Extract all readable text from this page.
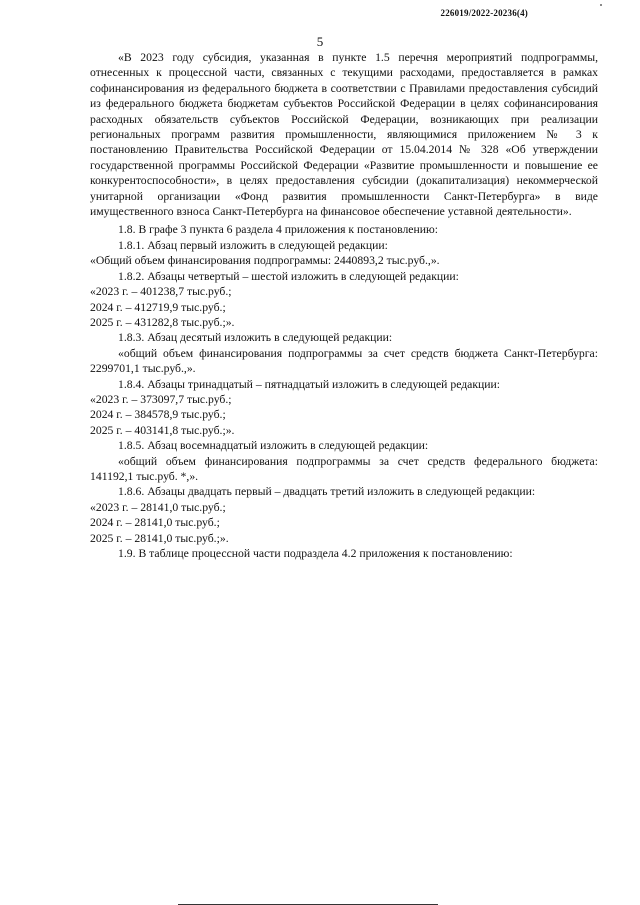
226019/2022-20236(4)
5

«В 2023 году субсидия, указанная в пункте 1.5 перечня мероприятий подпрограммы, отнесенных к процессной части, связанных с текущими расходами, предоставляется в рамках софинансирования из федерального бюджета в соответствии с Правилами предоставления субсидий из федерального бюджета бюджетам субъектов Российской Федерации в целях софинансирования расходных обязательств субъектов Российской Федерации, возникающих при реализации региональных программ развития промышленности, являющимися приложением № 3 к постановлению Правительства Российской Федерации от 15.04.2014 № 328 «Об утверждении государственной программы Российской Федерации «Развитие промышленности и повышение ее конкурентоспособности», в целях предоставления субсидии (докапитализация) некоммерческой унитарной организации «Фонд развития промышленности Санкт-Петербурга» в виде имущественного взноса Санкт-Петербурга на финансовое обеспечение уставной деятельности».

1.8. В графе 3 пункта 6 раздела 4 приложения к постановлению:

1.8.1. Абзац первый изложить в следующей редакции:

«Общий объем финансирования подпрограммы: 2440893,2 тыс.руб.,».

1.8.2. Абзацы четвертый – шестой изложить в следующей редакции:

«2023 г. – 401238,7 тыс.руб.;

2024 г. – 412719,9 тыс.руб.;

2025 г. – 431282,8 тыс.руб.;».

1.8.3. Абзац десятый изложить в следующей редакции:

«общий объем финансирования подпрограммы за счет средств бюджета Санкт-Петербурга: 2299701,1 тыс.руб.,».

1.8.4. Абзацы тринадцатый – пятнадцатый изложить в следующей редакции:

«2023 г. – 373097,7 тыс.руб.;

2024 г. – 384578,9 тыс.руб.;

2025 г. – 403141,8 тыс.руб.;».

1.8.5. Абзац восемнадцатый изложить в следующей редакции:

«общий объем финансирования подпрограммы за счет средств федерального бюджета: 141192,1 тыс.руб. *,».

1.8.6. Абзацы двадцать первый – двадцать третий изложить в следующей редакции:

«2023 г. – 28141,0 тыс.руб.;

2024 г. – 28141,0 тыс.руб.;

2025 г. – 28141,0 тыс.руб.;».

1.9. В таблице процессной части подраздела 4.2 приложения к постановлению:
